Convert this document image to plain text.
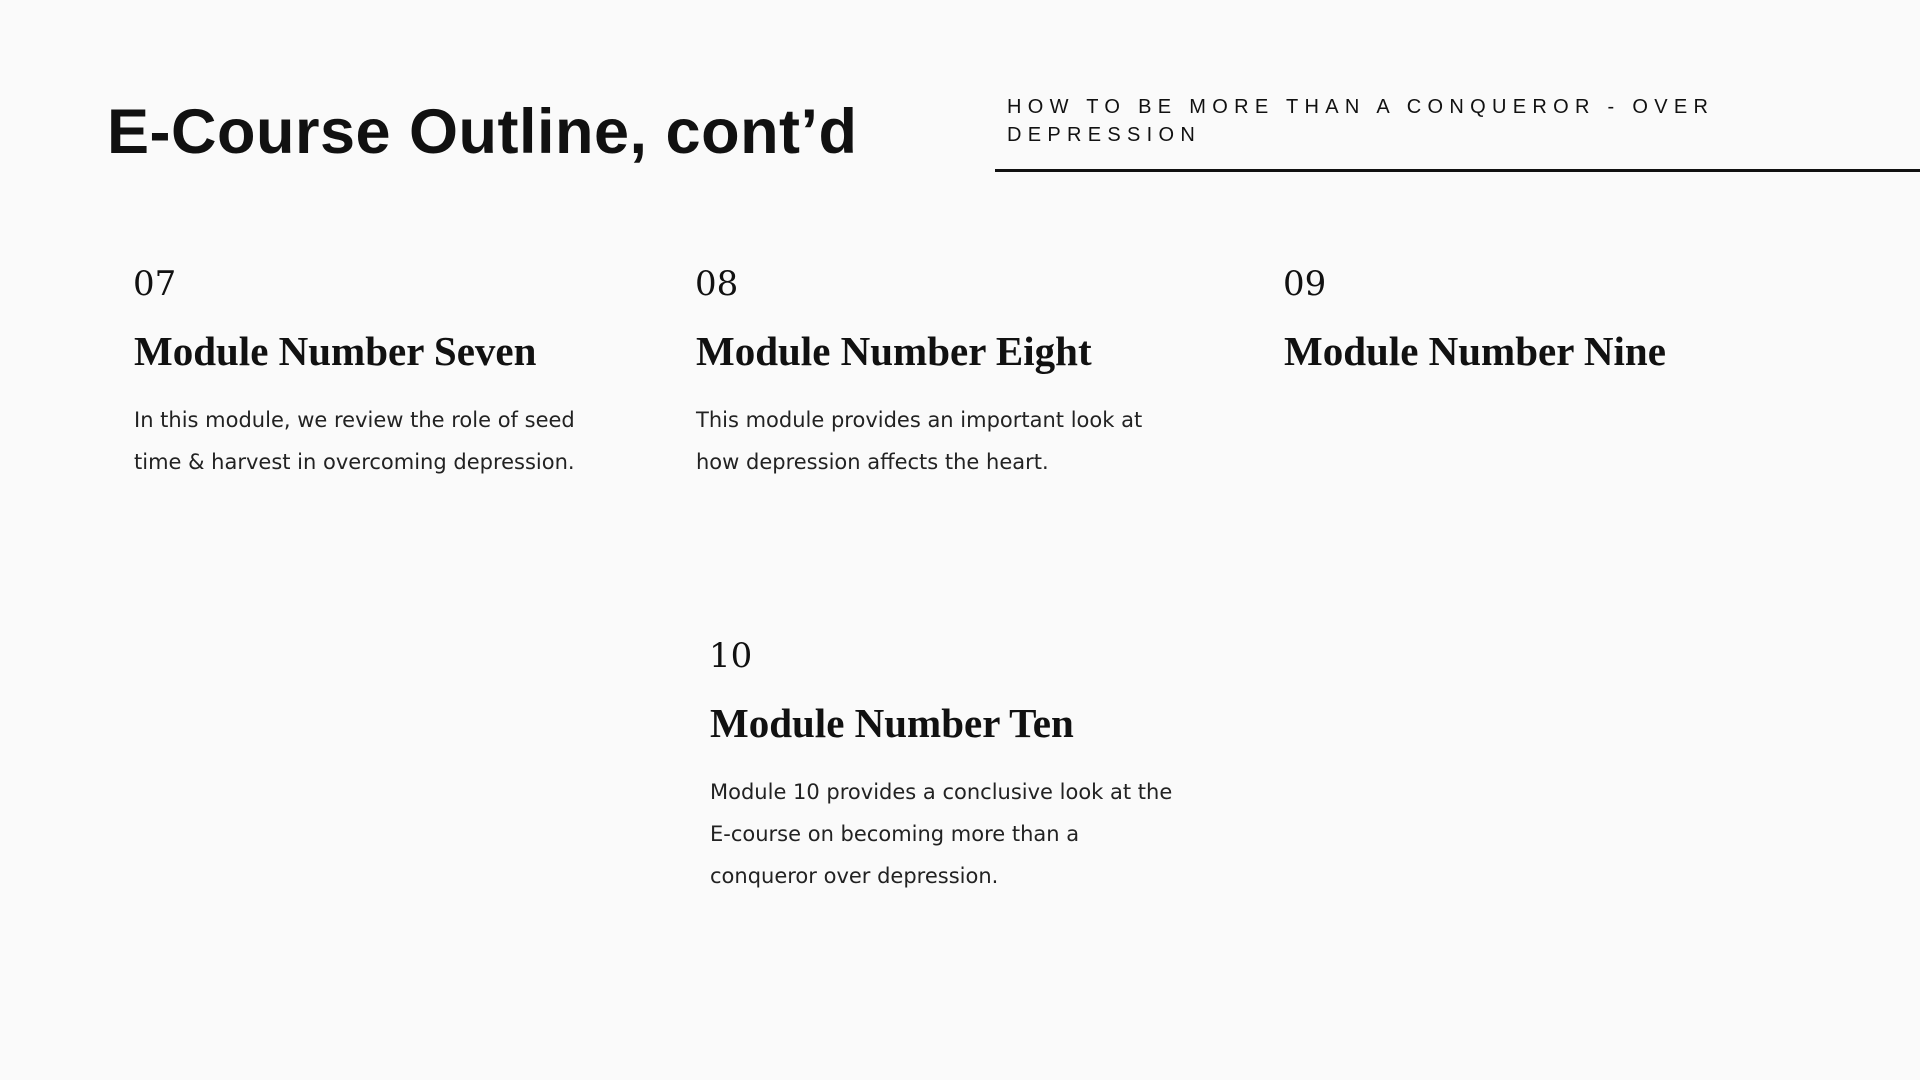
E-Course Outline, cont’d	HOW TO BE MORE THAN A CONQUEROR - OVER DEPRESSION

07
Module Number Seven

In this module, we review the role of seed time & harvest in overcoming depression.

08
Module Number Eight

This module provides an important look at how depression affects the heart.

09
Module Number Nine

10
Module Number Ten

Module 10 provides a conclusive look at the E-course on becoming more than a conqueror over depression.
